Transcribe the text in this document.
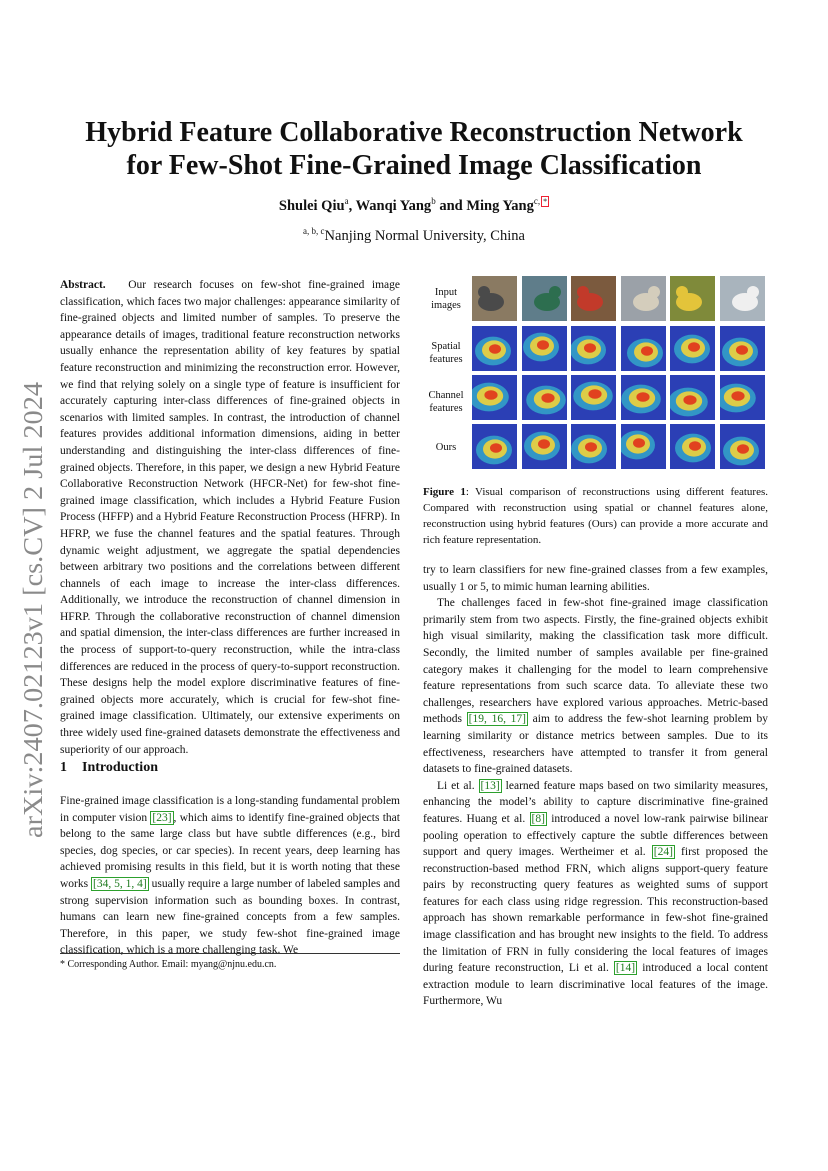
arXiv:2407.02123v1 [cs.CV] 2 Jul 2024
Hybrid Feature Collaborative Reconstruction Network
for Few-Shot Fine-Grained Image Classification
Shulei Qiu$^a$, Wanqi Yang$^b$ and Ming Yang$^{c,}$ *
$^{a, b, c}$Nanjing Normal University, China

Abstract. Our research focuses on few-shot fine-grained image classification, which faces two major challenges: appearance similarity of fine-grained objects and limited number of samples. To preserve the appearance details of images, traditional feature reconstruction networks usually enhance the representation ability of key features by spatial feature reconstruction and minimizing the reconstruction error. However, we find that relying solely on a single type of feature is insufficient for accurately capturing inter-class differences of fine-grained objects in scenarios with limited samples. In contrast, the introduction of channel features provides additional information dimensions, aiding in better understanding and distinguishing the inter-class differences of fine-grained objects. Therefore, in this paper, we design a new Hybrid Feature Collaborative Reconstruction Network (HFCR-Net) for few-shot fine-grained image classification, which includes a Hybrid Feature Fusion Process (HFFP) and a Hybrid Feature Reconstruction Process (HFRP). In HFRP, we fuse the channel features and the spatial features. Through dynamic weight adjustment, we aggregate the spatial dependencies between arbitrary two positions and the correlations between different channels of each image to increase the inter-class differences. Additionally, we introduce the reconstruction of channel dimension in HFRP. Through the collaborative reconstruction of channel dimension and spatial dimension, the inter-class differences are further increased in the process of support-to-query reconstruction, while the intra-class differences are reduced in the process of query-to-support reconstruction. These designs help the model explore discriminative features of fine-grained objects more accurately, which is crucial for few-shot fine-grained image classification. Ultimately, our extensive experiments on three widely used fine-grained datasets demonstrate the effectiveness and superiority of our approach.

1 Introduction

Fine-grained image classification is a long-standing fundamental problem in computer vision [23] , which aims to identify fine-grained objects that belong to the same large class but have subtle differences (e.g., bird species, dog species, or car species). In recent years, deep learning has achieved promising results in this field, but it is worth noting that these works [34, 5, 1, 4] usually require a large number of labeled samples and strong supervision information such as bounding boxes. In contrast, humans can learn new fine-grained concepts from a few samples. Therefore, in this paper, we study few-shot fine-grained image classification, which is a more challenging task. We

* Corresponding Author. Email: myang@njnu.edu.cn.
Input images
Spatial features
Channel features
Ours

Figure 1: Visual comparison of reconstructions using different features. Compared with reconstruction using spatial or channel features alone, reconstruction using hybrid features (Ours) can provide a more accurate and rich feature representation.

try to learn classifiers for new fine-grained classes from a few examples, usually 1 or 5, to mimic human learning abilities.

The challenges faced in few-shot fine-grained image classification primarily stem from two aspects. Firstly, the fine-grained objects exhibit high visual similarity, making the classification task more difficult. Secondly, the limited number of samples available per fine-grained category makes it challenging for the model to learn comprehensive feature representations from such scarce data. To alleviate these two challenges, researchers have explored various approaches. Metric-based methods [19, 16, 17] aim to address the few-shot learning problem by learning similarity or distance metrics between samples. Due to its effectiveness, researchers have attempted to transfer it from general datasets to fine-grained datasets.

Li et al. [13] learned feature maps based on two similarity measures, enhancing the model’s ability to capture discriminative fine-grained features. Huang et al. [8] introduced a novel low-rank pairwise bilinear pooling operation to effectively capture the subtle differences between support and query images. Wertheimer et al. [24] first proposed the reconstruction-based method FRN, which aligns support-query feature pairs by reconstructing query features as weighted sums of support features for each class using ridge regression. This reconstruction-based approach has shown remarkable performance in few-shot fine-grained image classification and has brought new insights to the field. To address the limitation of FRN in fully considering the local features of images during feature reconstruction, Li et al. [14] introduced a local content extraction module to learn discriminative local features of the image. Furthermore, Wu
